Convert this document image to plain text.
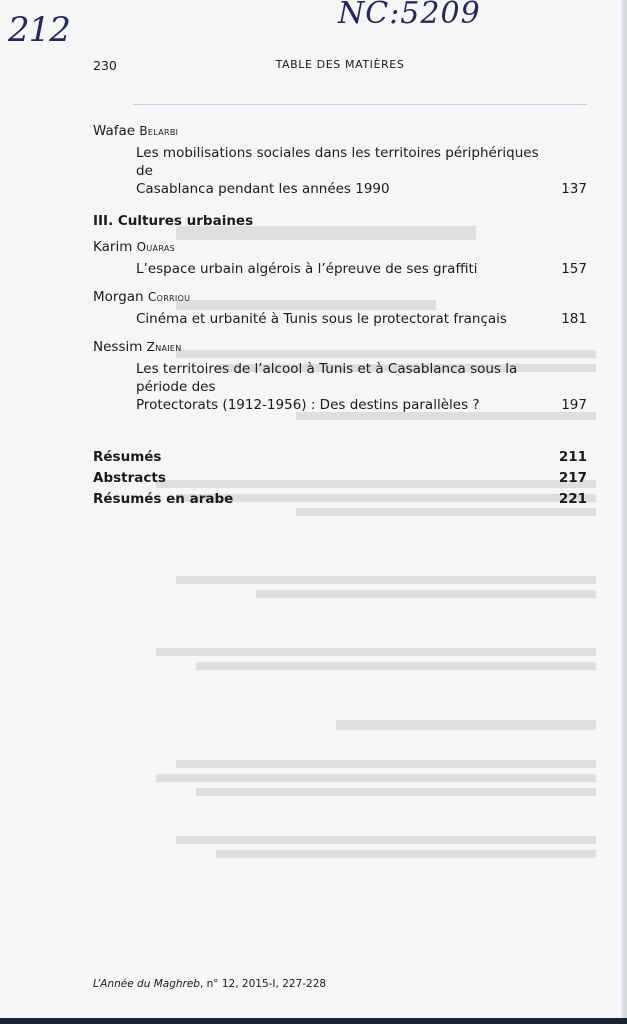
212	NC:5209
230	TABLE DES MATIÈRES
Wafae Belarbi
Les mobilisations sociales dans les territoires périphériques de
Casablanca pendant les années 1990	137
III. Cultures urbaines
Karim Ouaras
L’espace urbain algérois à l’épreuve de ses graffiti	157
Morgan Corriou
Cinéma et urbanité à Tunis sous le protectorat français	181
Nessim Znaien
Les territoires de l’alcool à Tunis et à Casablanca sous la période des
Protectorats (1912-1956) : Des destins parallèles ?	197
Résumés	211
Abstracts	217
Résumés en arabe	221
L’Année du Maghreb, n° 12, 2015-I, 227-228
